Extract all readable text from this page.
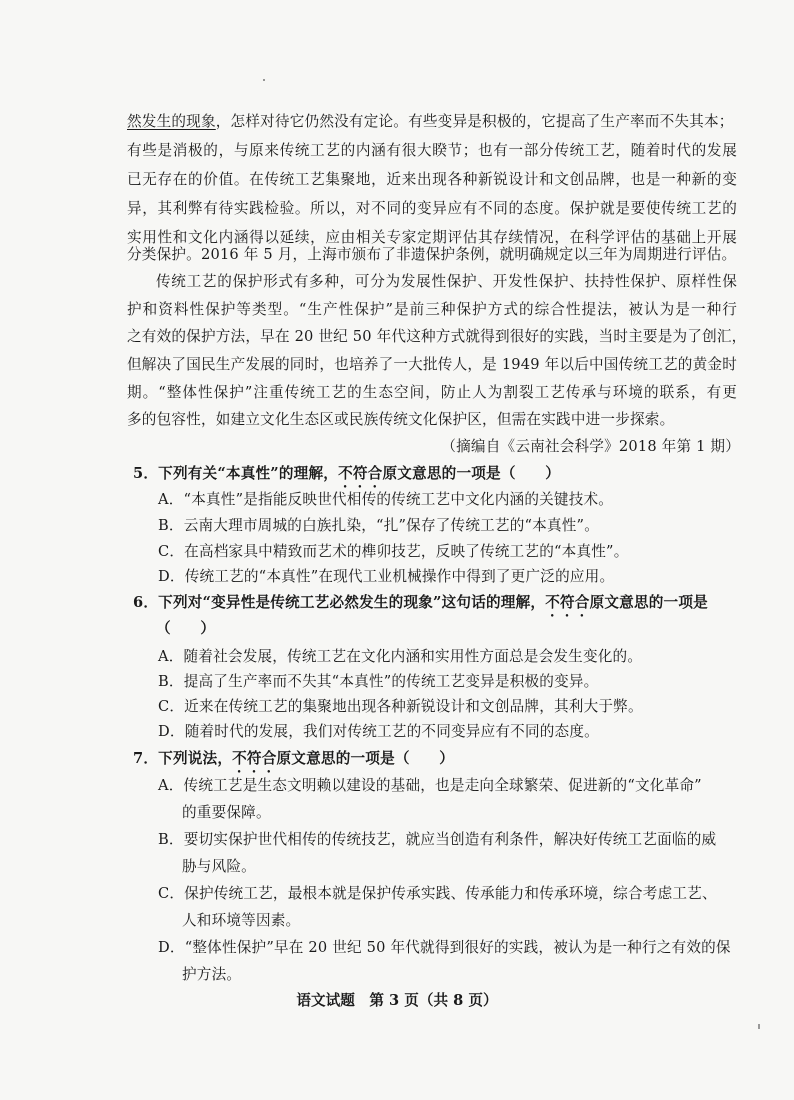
然发生的现象，怎样对待它仍然没有定论。有些变异是积极的，它提高了生产率而不失其本；
有些是消极的，与原来传统工艺的内涵有很大睽节；也有一部分传统工艺，随着时代的发展
已无存在的价值。在传统工艺集聚地，近来出现各种新锐设计和文创品牌，也是一种新的变
异，其利弊有待实践检验。所以，对不同的变异应有不同的态度。保护就是要使传统工艺的
实用性和文化内涵得以延续，应由相关专家定期评估其存续情况，在科学评估的基础上开展
分类保护。2016 年 5 月，上海市颁布了非遗保护条例，就明确规定以三年为周期进行评估。
传统工艺的保护形式有多种，可分为发展性保护、开发性保护、扶持性保护、原样性保
护和资料性保护等类型。“生产性保护”是前三种保护方式的综合性提法，被认为是一种行
之有效的保护方法，早在 20 世纪 50 年代这种方式就得到很好的实践，当时主要是为了创汇，
但解决了国民生产发展的同时，也培养了一大批传人，是 1949 年以后中国传统工艺的黄金时
期。“整体性保护”注重传统工艺的生态空间，防止人为割裂工艺传承与环境的联系，有更
多的包容性，如建立文化生态区或民族传统文化保护区，但需在实践中进一步探索。
（摘编自《云南社会科学》2018 年第 1 期）
5．下列有关“本真性”的理解，不符合原文意思的一项是（　　）
A．“本真性”是指能反映世代相传的传统工艺中文化内涵的关键技术。
B．云南大理市周城的白族扎染，“扎”保存了传统工艺的“本真性”。
C．在高档家具中精致而艺术的榫卯技艺，反映了传统工艺的“本真性”。
D．传统工艺的“本真性”在现代工业机械操作中得到了更广泛的应用。
6．下列对“变异性是传统工艺必然发生的现象”这句话的理解，不符合原文意思的一项是
（　　）
A．随着社会发展，传统工艺在文化内涵和实用性方面总是会发生变化的。
B．提高了生产率而不失其“本真性”的传统工艺变异是积极的变异。
C．近来在传统工艺的集聚地出现各种新锐设计和文创品牌，其利大于弊。
D．随着时代的发展，我们对传统工艺的不同变异应有不同的态度。
7．下列说法，不符合原文意思的一项是（　　）
A．传统工艺是生态文明赖以建设的基础，也是走向全球繁荣、促进新的“文化革命”
的重要保障。
B．要切实保护世代相传的传统技艺，就应当创造有利条件，解决好传统工艺面临的威
胁与风险。
C．保护传统工艺，最根本就是保护传承实践、传承能力和传承环境，综合考虑工艺、
人和环境等因素。
D．“整体性保护”早在 20 世纪 50 年代就得到很好的实践，被认为是一种行之有效的保
护方法。
语文试题　第 3 页（共 8 页）
